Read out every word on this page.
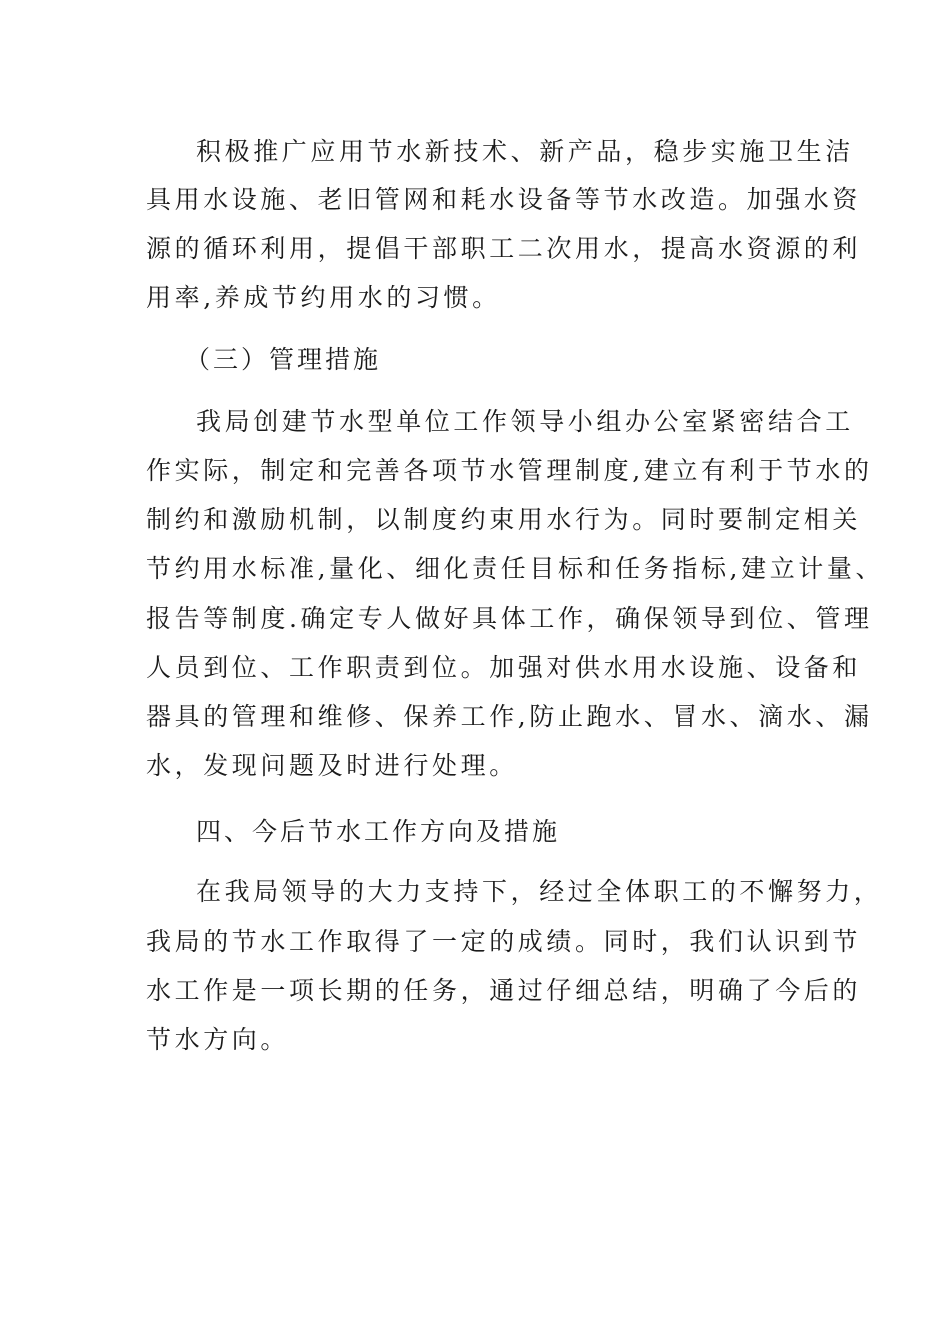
积极推广应用节水新技术、新产品，稳步实施卫生洁

具用水设施、老旧管网和耗水设备等节水改造。加强水资

源的循环利用，提倡干部职工二次用水，提高水资源的利

用率,养成节约用水的习惯。

（三）管理措施

我局创建节水型单位工作领导小组办公室紧密结合工

作实际，制定和完善各项节水管理制度,建立有利于节水的

制约和激励机制，以制度约束用水行为。同时要制定相关

节约用水标准,量化、细化责任目标和任务指标,建立计量、

报告等制度.确定专人做好具体工作，确保领导到位、管理

人员到位、工作职责到位。加强对供水用水设施、设备和

器具的管理和维修、保养工作,防止跑水、冒水、滴水、漏

水，发现问题及时进行处理。

四、今后节水工作方向及措施

在我局领导的大力支持下，经过全体职工的不懈努力，

我局的节水工作取得了一定的成绩。同时，我们认识到节

水工作是一项长期的任务，通过仔细总结，明确了今后的

节水方向。
